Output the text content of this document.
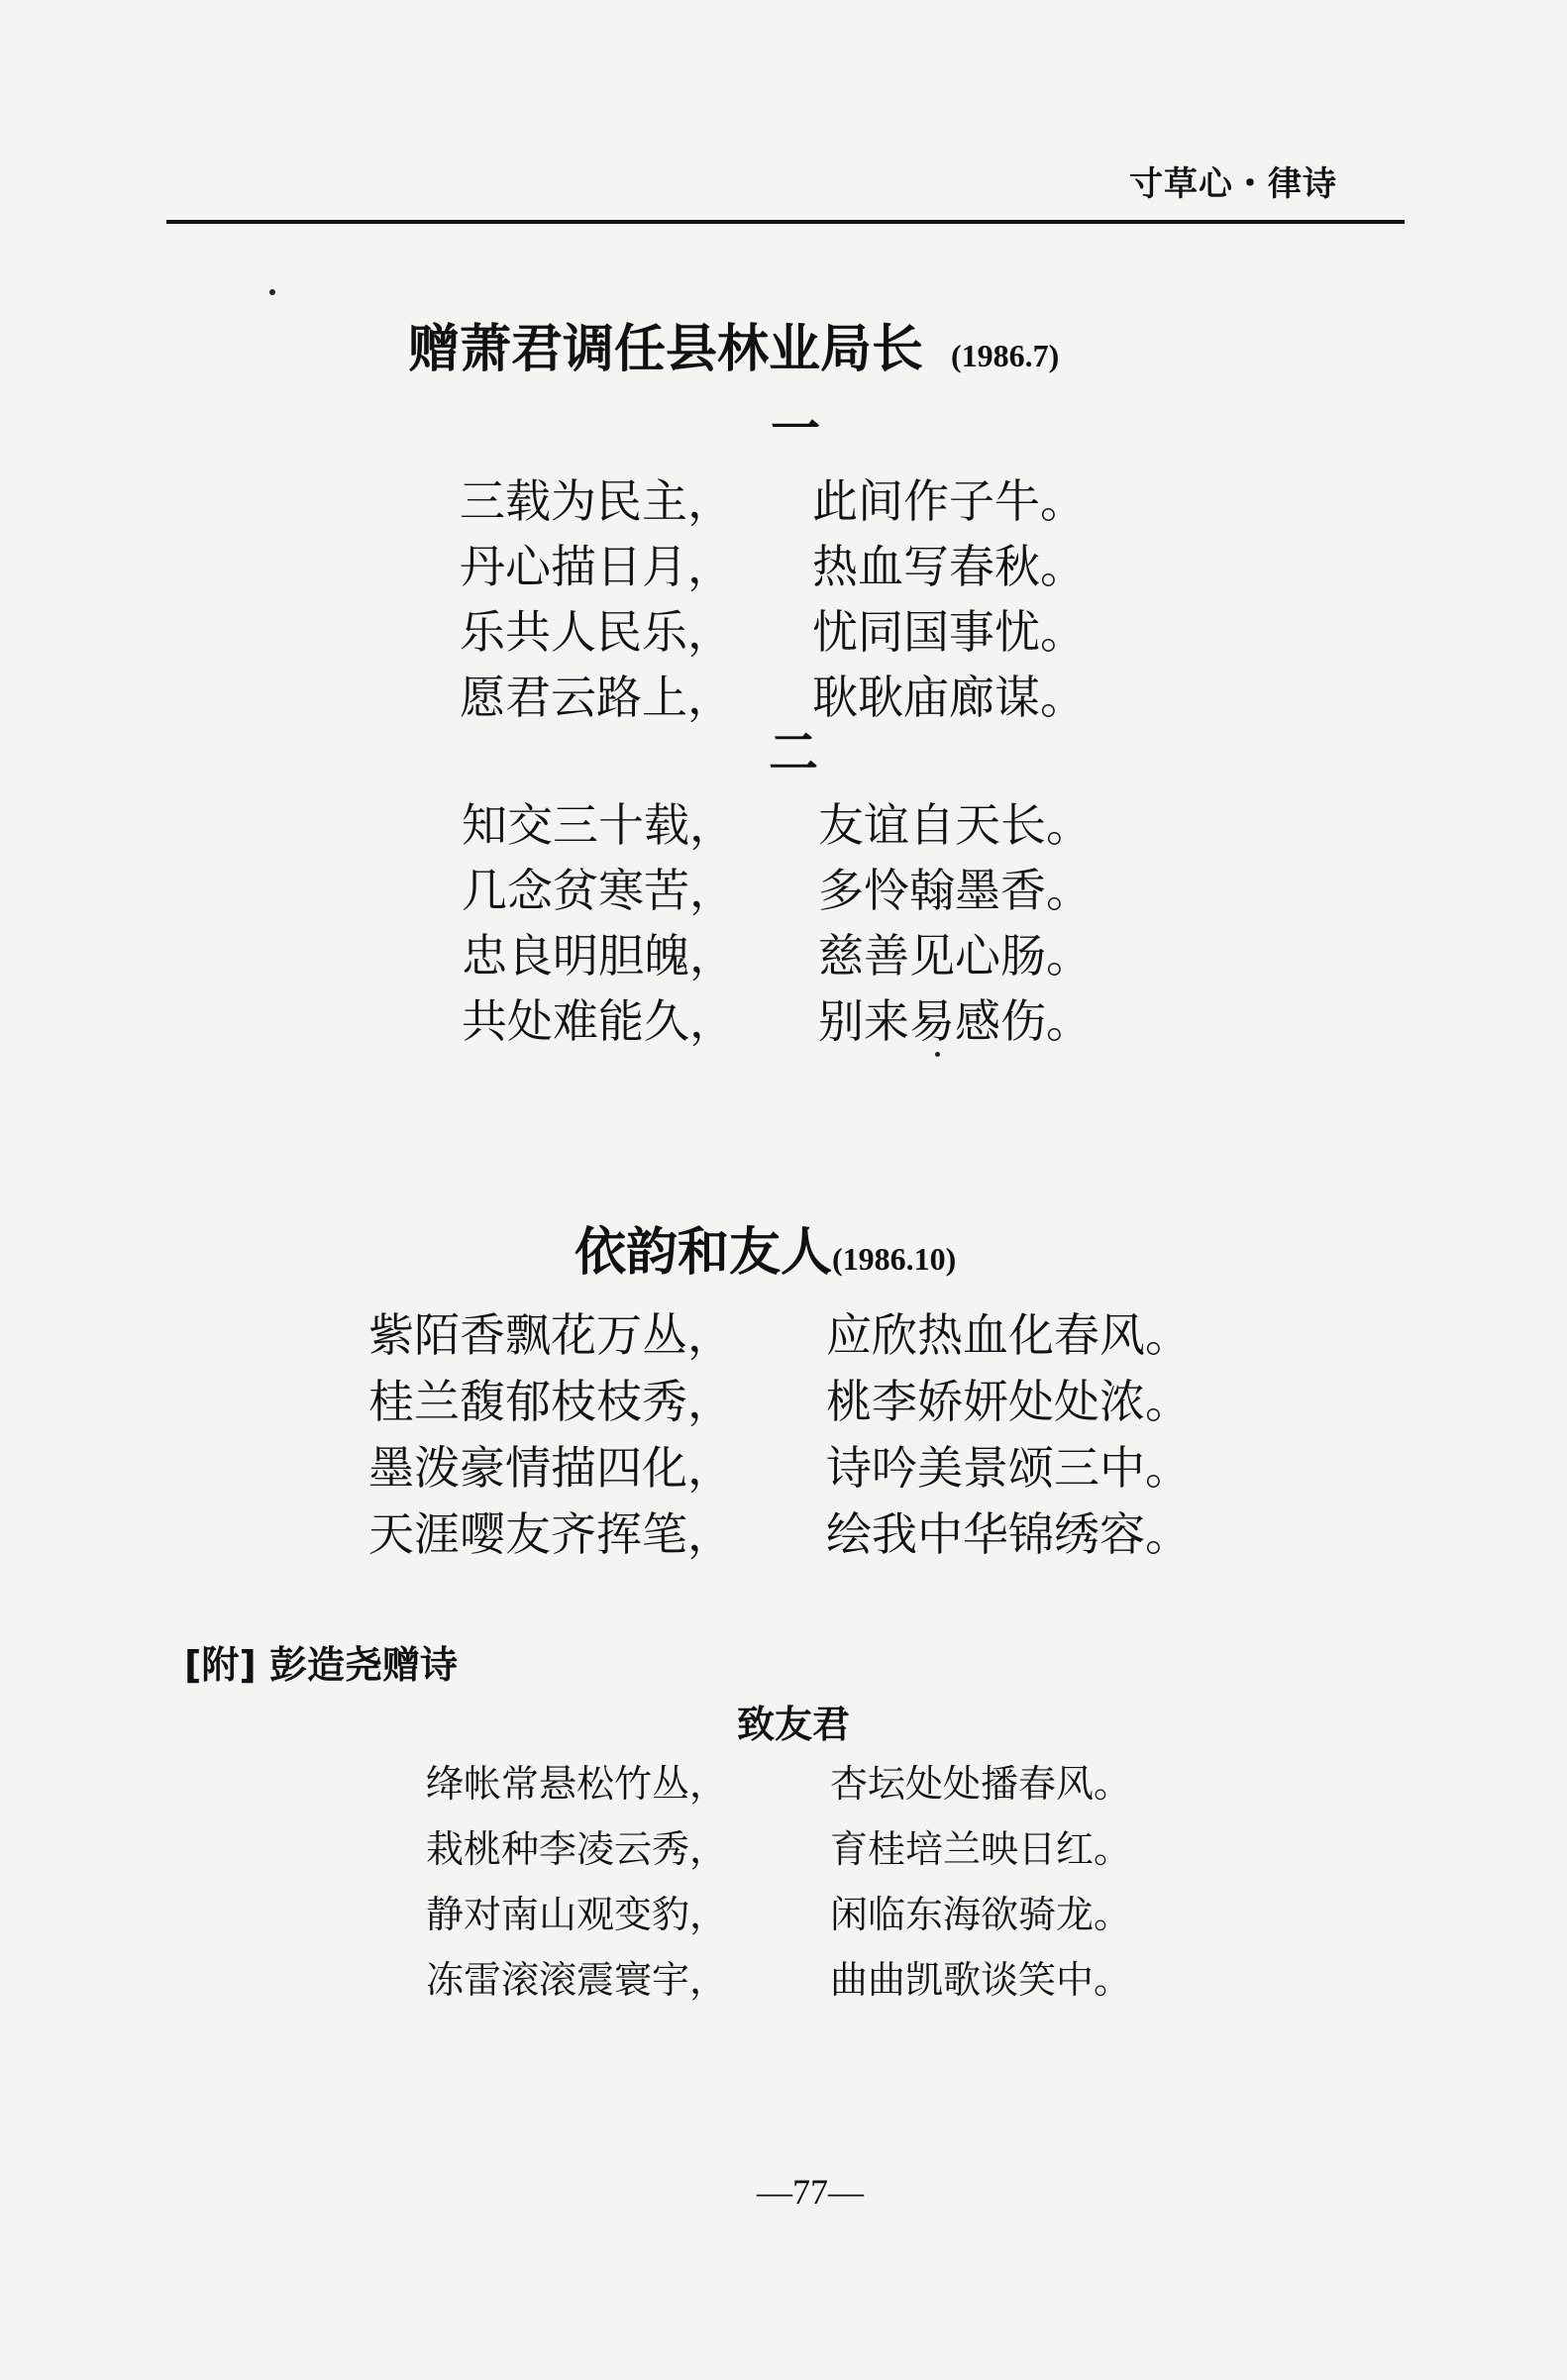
寸草心・律诗
赠萧君调任县林业局长 (1986.7)
一
二
三载为民主， 此间作子牛。
丹心描日月， 热血写春秋。
乐共人民乐， 忧同国事忧。
愿君云路上， 耿耿庙廊谋。
知交三十载， 友谊自天长。
几念贫寒苦， 多怜翰墨香。
忠良明胆魄， 慈善见心肠。
共处难能久， 别来易感伤。
依韵和友人(1986.10)
紫陌香飘花万丛， 应欣热血化春风。
桂兰馥郁枝枝秀， 桃李娇妍处处浓。
墨泼豪情描四化， 诗吟美景颂三中。
天涯嘤友齐挥笔， 绘我中华锦绣容。
[附] 彭造尧赠诗
致友君
绛帐常悬松竹丛，	杏坛处处播春风。
栽桃种李凌云秀，	育桂培兰映日红。
静对南山观变豹，	闲临东海欲骑龙。
冻雷滚滚震寰宇，	曲曲凯歌谈笑中。
—77—
